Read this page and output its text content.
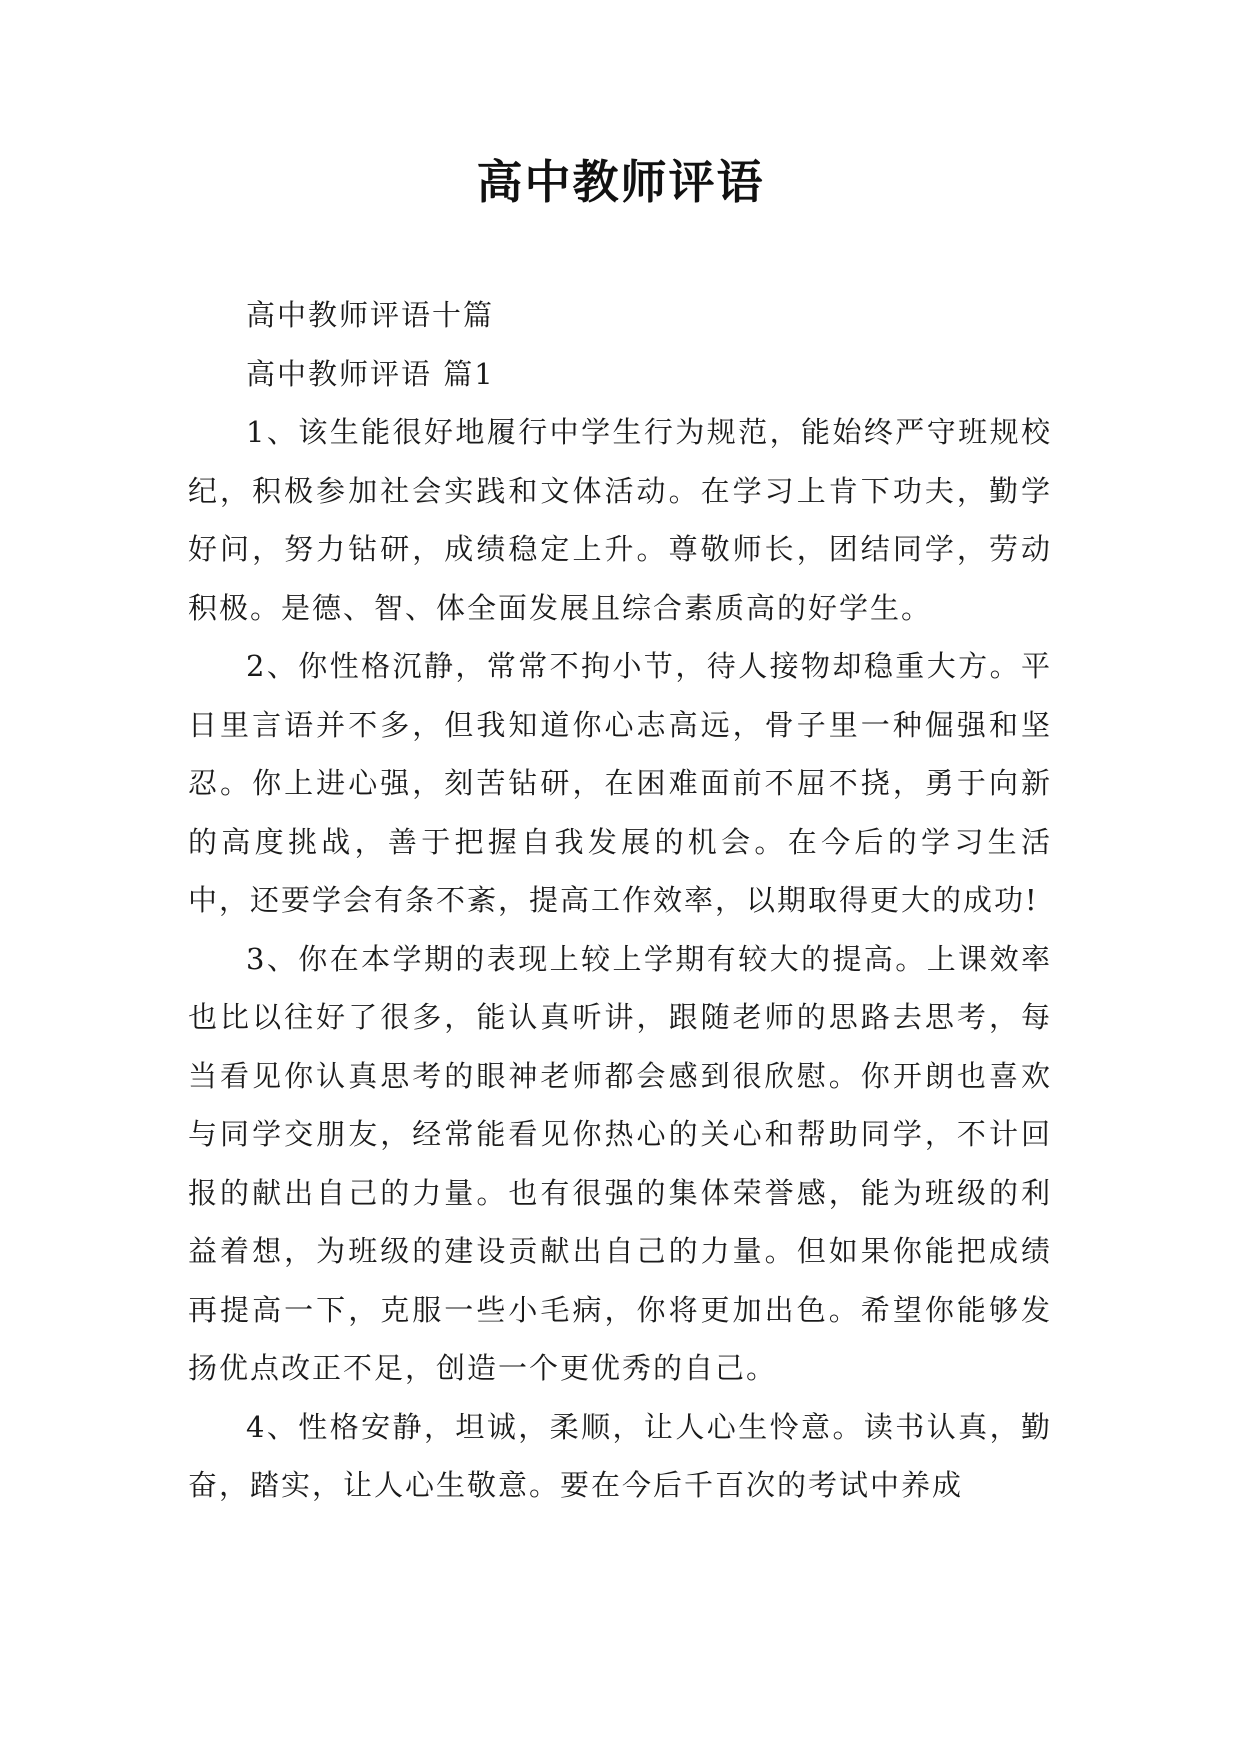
高中教师评语

高中教师评语十篇

高中教师评语 篇1

1、该生能很好地履行中学生行为规范，能始终严守班规校纪，积极参加社会实践和文体活动。在学习上肯下功夫，勤学好问，努力钻研，成绩稳定上升。尊敬师长，团结同学，劳动积极。是德、智、体全面发展且综合素质高的好学生。

2、你性格沉静，常常不拘小节，待人接物却稳重大方。平日里言语并不多，但我知道你心志高远，骨子里一种倔强和坚忍。你上进心强，刻苦钻研，在困难面前不屈不挠，勇于向新的高度挑战，善于把握自我发展的机会。在今后的学习生活中，还要学会有条不紊，提高工作效率，以期取得更大的成功!

3、你在本学期的表现上较上学期有较大的提高。上课效率也比以往好了很多，能认真听讲，跟随老师的思路去思考，每当看见你认真思考的眼神老师都会感到很欣慰。你开朗也喜欢与同学交朋友，经常能看见你热心的关心和帮助同学，不计回报的献出自己的力量。也有很强的集体荣誉感，能为班级的利益着想，为班级的建设贡献出自己的力量。但如果你能把成绩再提高一下，克服一些小毛病，你将更加出色。希望你能够发扬优点改正不足，创造一个更优秀的自己。

4、性格安静，坦诚，柔顺，让人心生怜意。读书认真，勤奋，踏实，让人心生敬意。要在今后千百次的考试中养成
